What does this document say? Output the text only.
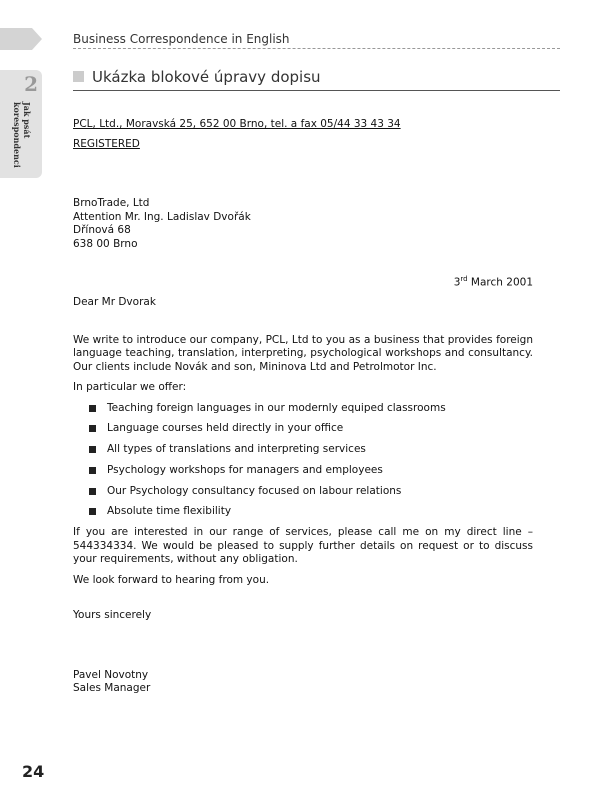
Business Correspondence in English
2
Jak psát korespondenci
Ukázka blokové úpravy dopisu

PCL, Ltd., Moravská 25, 652 00 Brno, tel. a fax 05/44 33 43 34

REGISTERED

BrnoTrade, Ltd

Attention Mr. Ing. Ladislav Dvořák

Dřínová 68

638 00 Brno

3rd March 2001

Dear Mr Dvorak

We write to introduce our company, PCL, Ltd to you as a business that provides foreign language teaching, translation, interpreting, psychological workshops and consultancy. Our clients include Novák and son, Mininova Ltd and Petrolmotor Inc.

In particular we offer:

Teaching foreign languages in our modernly equiped classrooms
Language courses held directly in your office
All types of translations and interpreting services
Psychology workshops for managers and employees
Our Psychology consultancy focused on labour relations
Absolute time flexibility

If you are interested in our range of services, please call me on my direct line – 544334334. We would be pleased to supply further details on request or to discuss your requirements, without any obligation.

We look forward to hearing from you.

Yours sincerely

Pavel Novotny

Sales Manager

24
